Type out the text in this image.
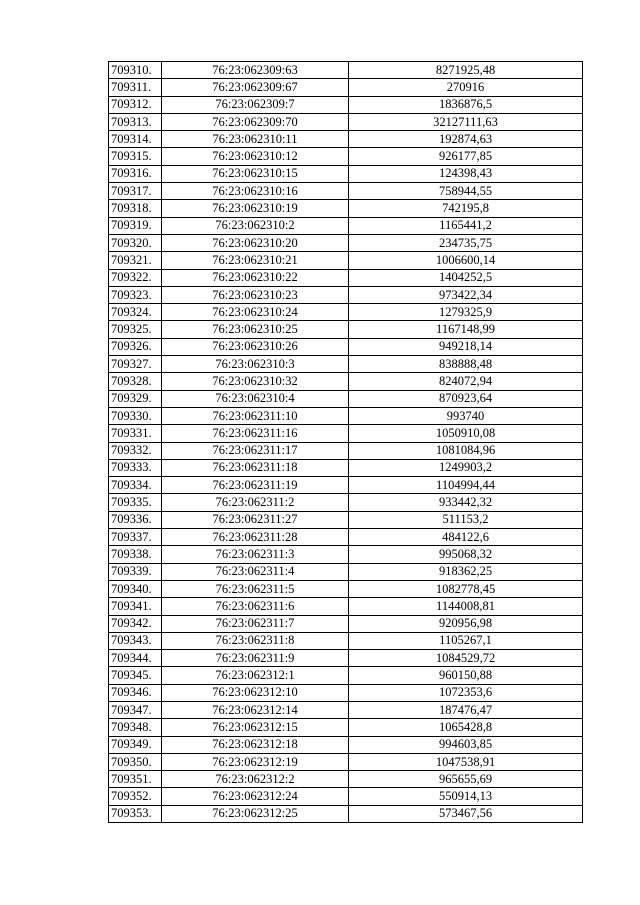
709310.	76:23:062309:63	8271925,48
709311.	76:23:062309:67	270916
709312.	76:23:062309:7	1836876,5
709313.	76:23:062309:70	32127111,63
709314.	76:23:062310:11	192874,63
709315.	76:23:062310:12	926177,85
709316.	76:23:062310:15	124398,43
709317.	76:23:062310:16	758944,55
709318.	76:23:062310:19	742195,8
709319.	76:23:062310:2	1165441,2
709320.	76:23:062310:20	234735,75
709321.	76:23:062310:21	1006600,14
709322.	76:23:062310:22	1404252,5
709323.	76:23:062310:23	973422,34
709324.	76:23:062310:24	1279325,9
709325.	76:23:062310:25	1167148,99
709326.	76:23:062310:26	949218,14
709327.	76:23:062310:3	838888,48
709328.	76:23:062310:32	824072,94
709329.	76:23:062310:4	870923,64
709330.	76:23:062311:10	993740
709331.	76:23:062311:16	1050910,08
709332.	76:23:062311:17	1081084,96
709333.	76:23:062311:18	1249903,2
709334.	76:23:062311:19	1104994,44
709335.	76:23:062311:2	933442,32
709336.	76:23:062311:27	511153,2
709337.	76:23:062311:28	484122,6
709338.	76:23:062311:3	995068,32
709339.	76:23:062311:4	918362,25
709340.	76:23:062311:5	1082778,45
709341.	76:23:062311:6	1144008,81
709342.	76:23:062311:7	920956,98
709343.	76:23:062311:8	1105267,1
709344.	76:23:062311:9	1084529,72
709345.	76:23:062312:1	960150,88
709346.	76:23:062312:10	1072353,6
709347.	76:23:062312:14	187476,47
709348.	76:23:062312:15	1065428,8
709349.	76:23:062312:18	994603,85
709350.	76:23:062312:19	1047538,91
709351.	76:23:062312:2	965655,69
709352.	76:23:062312:24	550914,13
709353.	76:23:062312:25	573467,56
